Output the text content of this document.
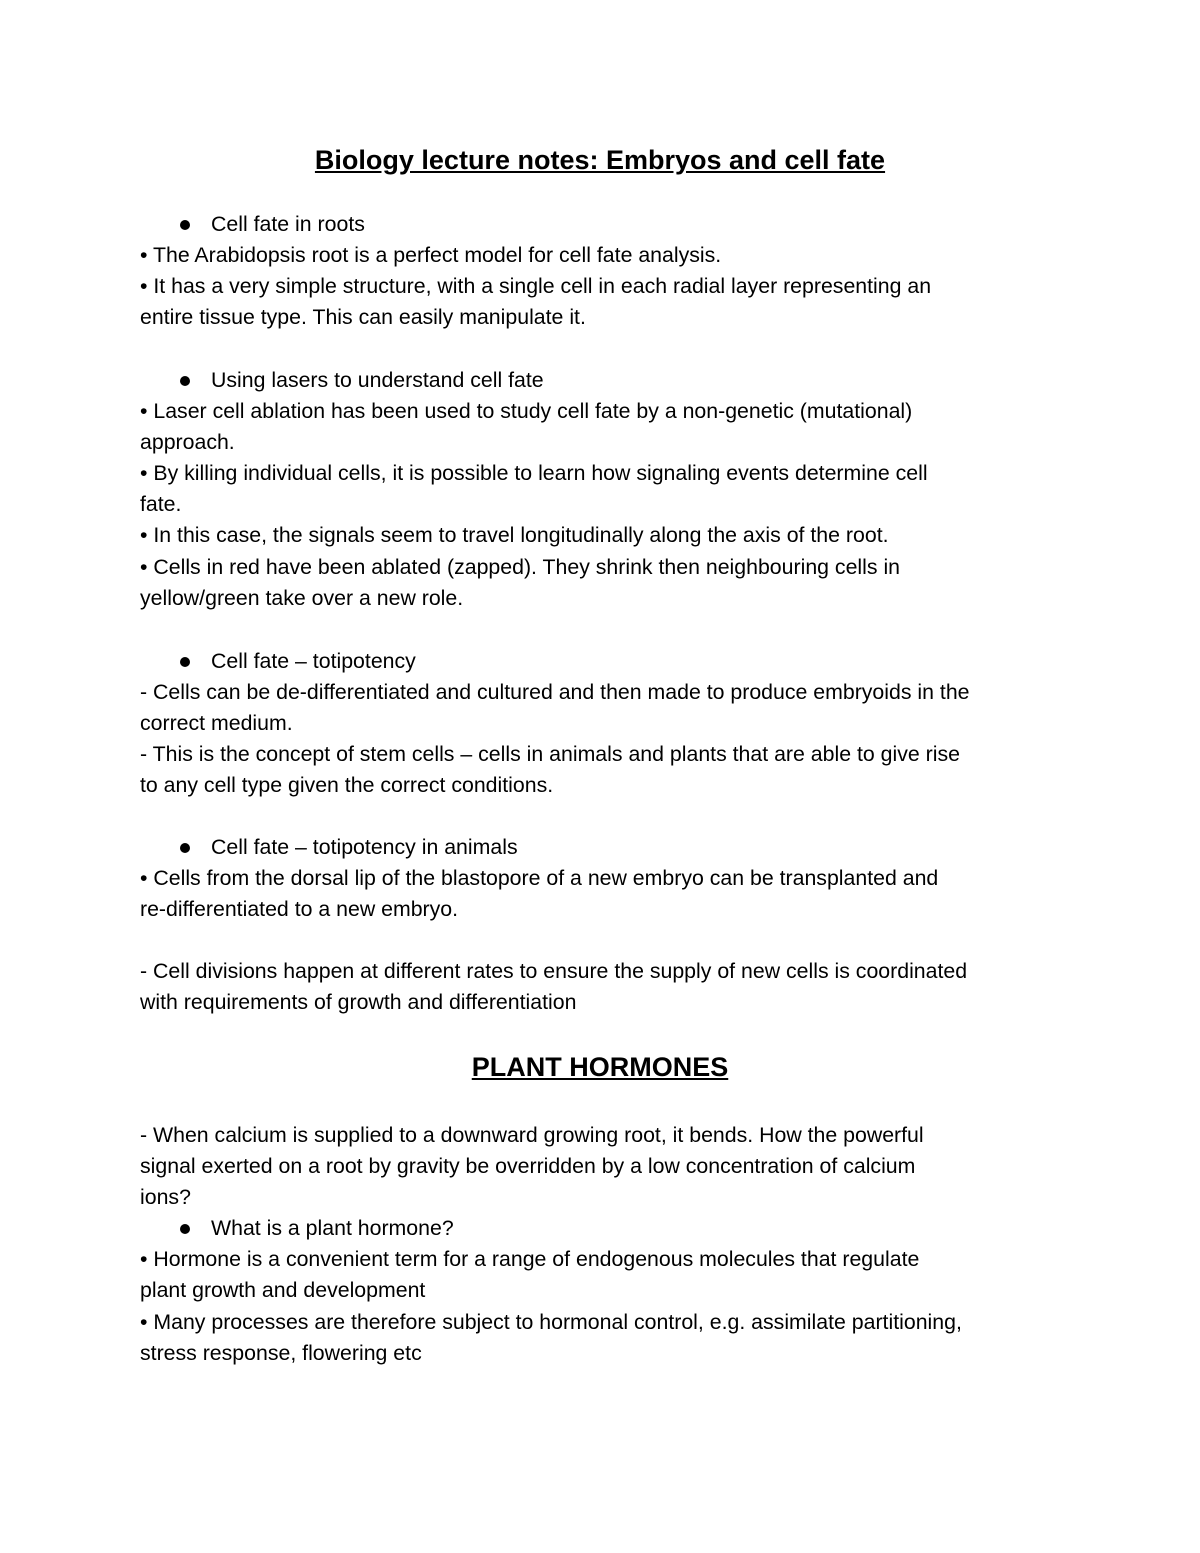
Biology lecture notes: Embryos and cell fate
Cell fate in roots
• The Arabidopsis root is a perfect model for cell fate analysis.
• It has a very simple structure, with a single cell in each radial layer representing an
entire tissue type. This can easily manipulate it.
Using lasers to understand cell fate
• Laser cell ablation has been used to study cell fate by a non-genetic (mutational)
approach.
• By killing individual cells, it is possible to learn how signaling events determine cell
fate.
• In this case, the signals seem to travel longitudinally along the axis of the root.
• Cells in red have been ablated (zapped). They shrink then neighbouring cells in
yellow/green take over a new role.
Cell fate – totipotency
- Cells can be de-differentiated and cultured and then made to produce embryoids in the
correct medium.
- This is the concept of stem cells – cells in animals and plants that are able to give rise
to any cell type given the correct conditions.
Cell fate – totipotency in animals
• Cells from the dorsal lip of the blastopore of a new embryo can be transplanted and
re-differentiated to a new embryo.
- Cell divisions happen at different rates to ensure the supply of new cells is coordinated
with requirements of growth and differentiation
PLANT HORMONES
- When calcium is supplied to a downward growing root, it bends. How the powerful
signal exerted on a root by gravity be overridden by a low concentration of calcium
ions?
What is a plant hormone?
• Hormone is a convenient term for a range of endogenous molecules that regulate
plant growth and development
• Many processes are therefore subject to hormonal control, e.g. assimilate partitioning,
stress response, flowering etc
